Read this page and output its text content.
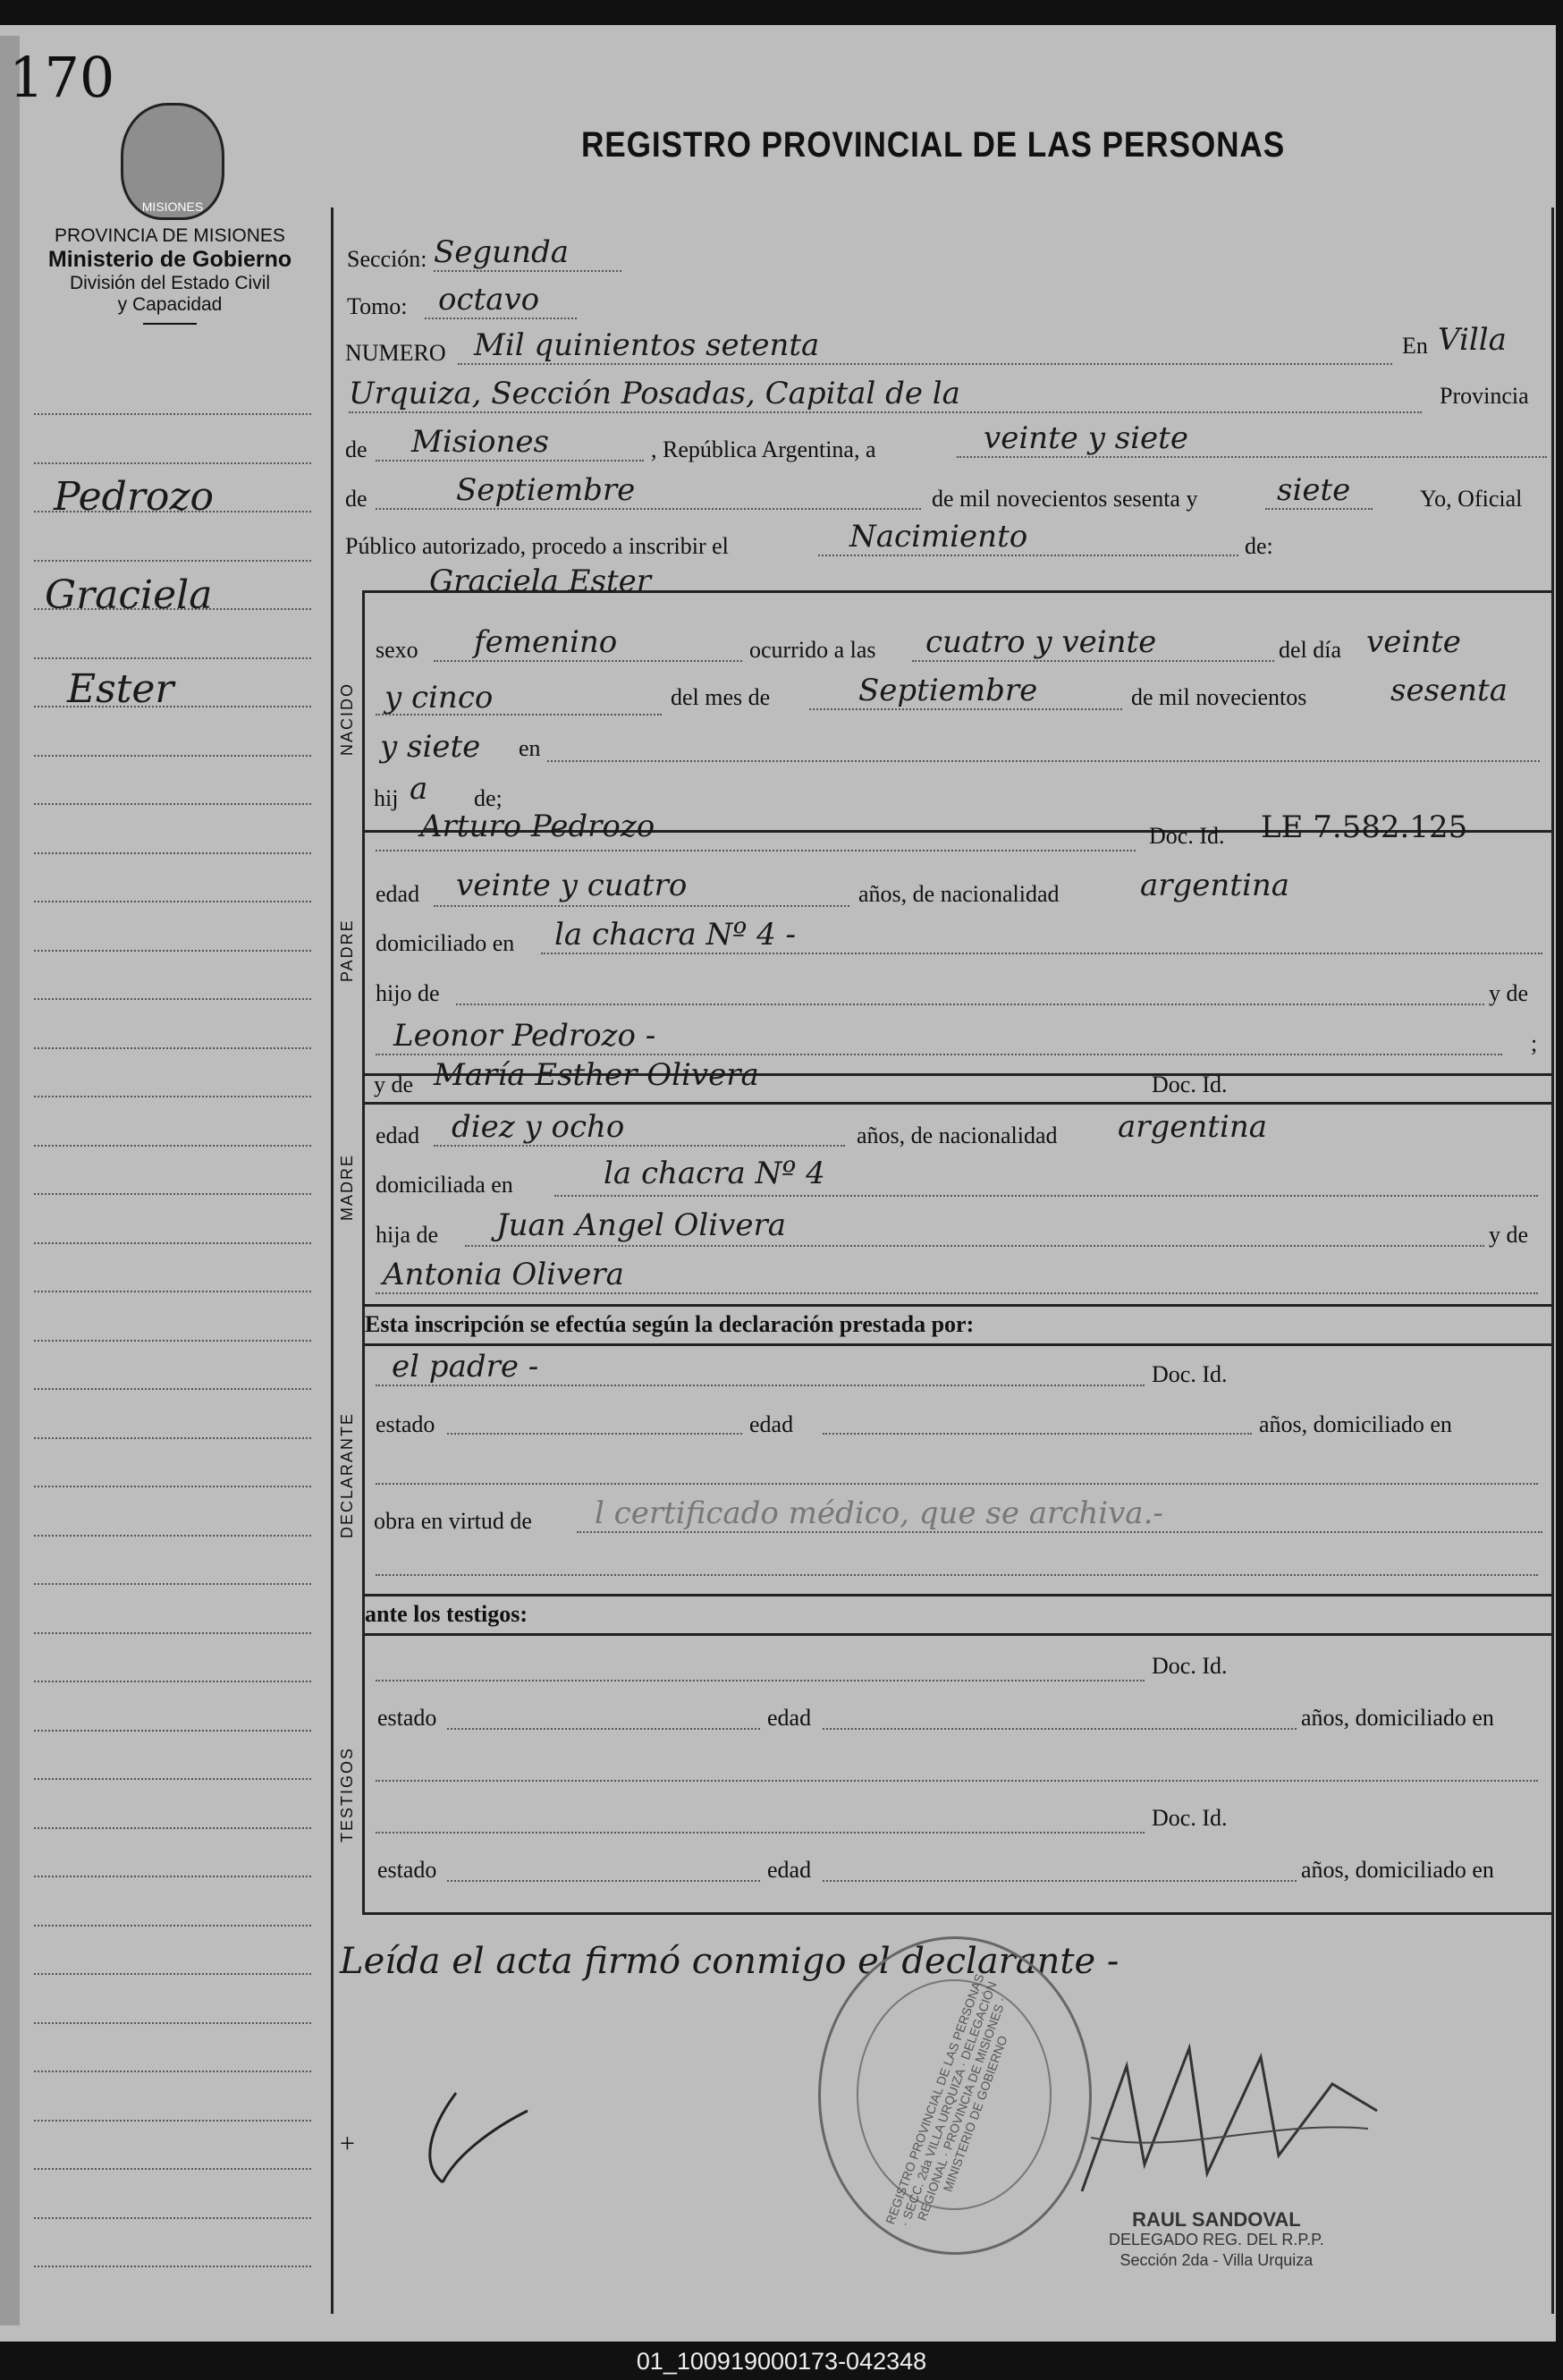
170
MISIONES
REGISTRO PROVINCIAL DE LAS PERSONAS
PROVINCIA DE MISIONES
Ministerio de Gobierno
División del Estado Civil
y Capacidad
Pedrozo
Graciela
Ester
Sección: Segunda
Tomo: octavo
NUMERO Mil quinientos setenta	En Villa
Urquiza, Sección Posadas, Capital de la	Provincia
de Misiones	, República Argentina, a	veinte y siete
de	Septiembre	de mil novecientos sesenta y	siete	Yo, Oficial
Público autorizado, procedo a inscribir el	Nacimiento	de:
NACIDO
Graciela Ester
sexo femenino	ocurrido a las cuatro y veinte	del día veinte
y cinco	del mes de	Septiembre	de mil novecientos	sesenta
y siete en
hij a de;
PADRE
Arturo Pedrozo	Doc. Id. LE 7.582.125
edad veinte y cuatro	años, de nacionalidad	argentina
domiciliado en la chacra Nº 4 -
hijo de	y de
Leonor Pedrozo -	;
y de María Esther Olivera	Doc. Id.
MADRE
edad diez y ocho	años, de nacionalidad argentina
domiciliada en	la chacra Nº 4
hija de Juan Angel Olivera	y de
Antonia Olivera
Esta inscripción se efectúa según la declaración prestada por:
DECLARANTE
el padre -	Doc. Id.
estado	edad	años, domiciliado en
obra en virtud de l certificado médico, que se archiva.-
ante los testigos:
TESTIGOS
Doc. Id.
estado	edad	años, domiciliado en
Doc. Id.
estado	edad	años, domiciliado en
Leída el acta firmó conmigo el declarante -
REGISTRO PROVINCIAL DE LAS PERSONAS · SECC. 2da VILLA URQUIZA · DELEGACIÓN REGIONAL · PROVINCIA DE MISIONES · MINISTERIO DE GOBIERNO
+
RAUL SANDOVAL
DELEGADO REG. DEL R.P.P.
Sección 2da - Villa Urquiza
01_100919000173-042348
